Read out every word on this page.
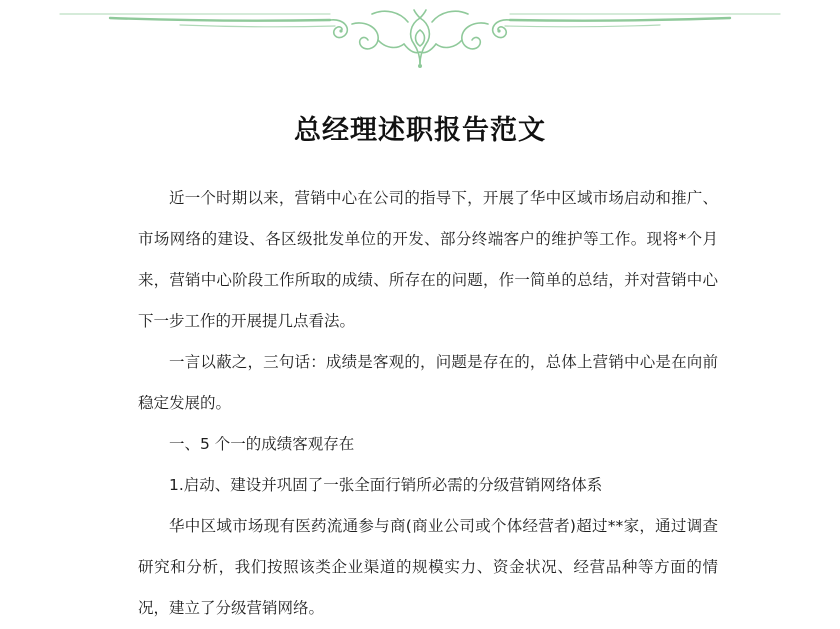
总经理述职报告范文

近一个时期以来，营销中心在公司的指导下，开展了华中区域市场启动和推广、市场网络的建设、各区级批发单位的开发、部分终端客户的维护等工作。现将*个月来，营销中心阶段工作所取的成绩、所存在的问题，作一简单的总结，并对营销中心下一步工作的开展提几点看法。

一言以蔽之，三句话：成绩是客观的，问题是存在的，总体上营销中心是在向前稳定发展的。

一、5 个一的成绩客观存在

1.启动、建设并巩固了一张全面行销所必需的分级营销网络体系

华中区域市场现有医药流通参与商(商业公司或个体经营者)超过**家，通过调查研究和分析，我们按照该类企业渠道的规模实力、资金状况、经营品种等方面的情况，建立了分级营销网络。
